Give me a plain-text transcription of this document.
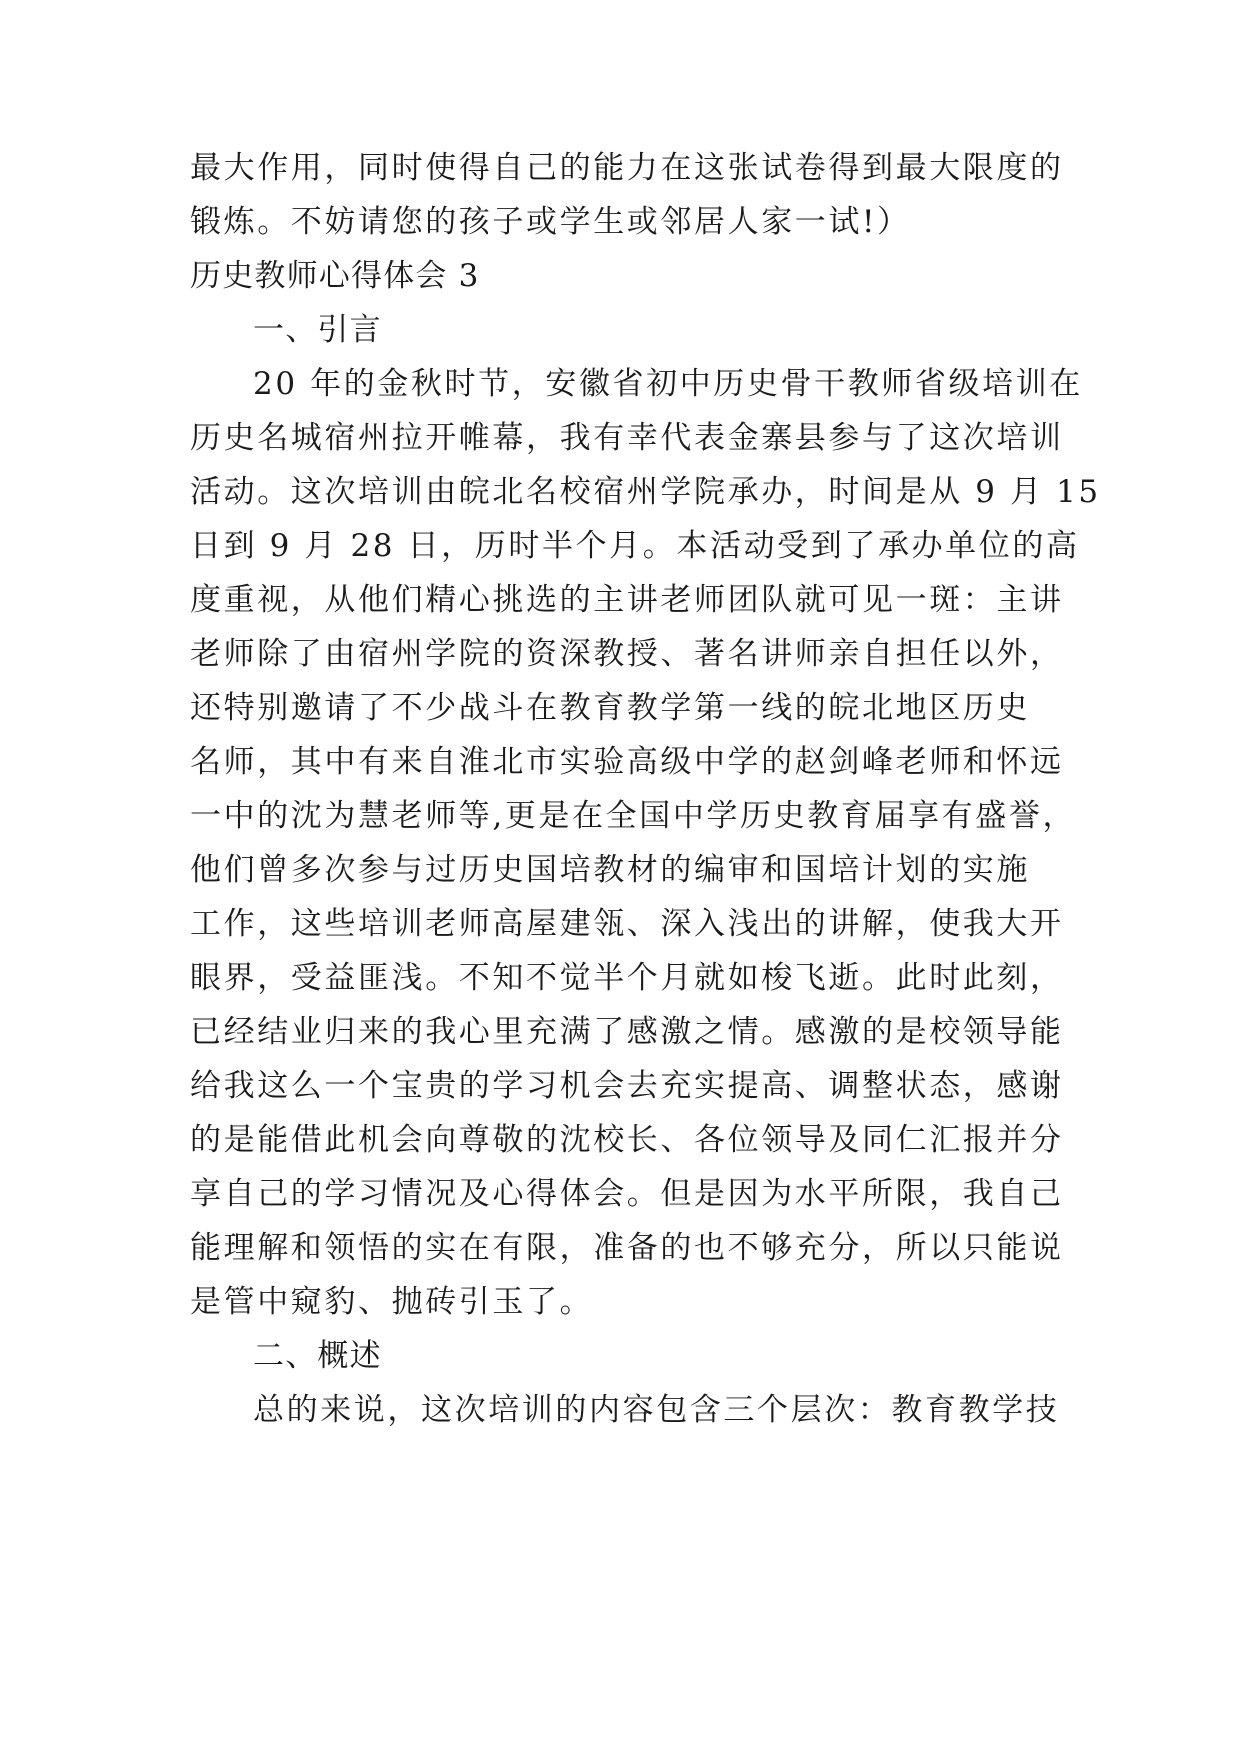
最大作用，同时使得自己的能力在这张试卷得到最大限度的
锻炼。不妨请您的孩子或学生或邻居人家一试!）
历史教师心得体会 3
一、引言
20 年的金秋时节，安徽省初中历史骨干教师省级培训在
历史名城宿州拉开帷幕，我有幸代表金寨县参与了这次培训
活动。这次培训由皖北名校宿州学院承办，时间是从 9 月 15
日到 9 月 28 日，历时半个月。本活动受到了承办单位的高
度重视，从他们精心挑选的主讲老师团队就可见一斑：主讲
老师除了由宿州学院的资深教授、著名讲师亲自担任以外，
还特别邀请了不少战斗在教育教学第一线的皖北地区历史
名师，其中有来自淮北市实验高级中学的赵剑峰老师和怀远
一中的沈为慧老师等,更是在全国中学历史教育届享有盛誉，
他们曾多次参与过历史国培教材的编审和国培计划的实施
工作，这些培训老师高屋建瓴、深入浅出的讲解，使我大开
眼界，受益匪浅。不知不觉半个月就如梭飞逝。此时此刻，
已经结业归来的我心里充满了感激之情。感激的是校领导能
给我这么一个宝贵的学习机会去充实提高、调整状态，感谢
的是能借此机会向尊敬的沈校长、各位领导及同仁汇报并分
享自己的学习情况及心得体会。但是因为水平所限，我自己
能理解和领悟的实在有限，准备的也不够充分，所以只能说
是管中窥豹、抛砖引玉了。
二、概述
总的来说，这次培训的内容包含三个层次：教育教学技
